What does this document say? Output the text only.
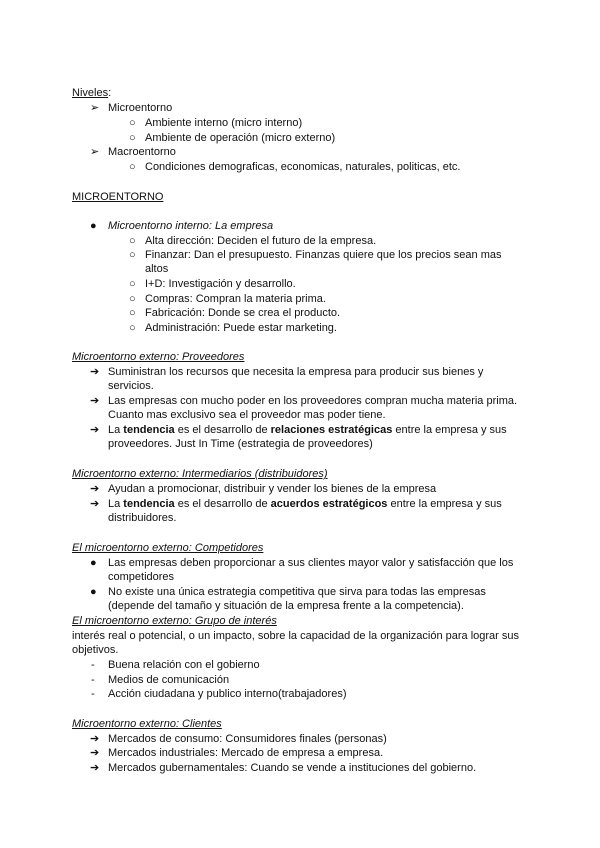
Niveles:
➢ Microentorno
○ Ambiente interno (micro interno)
○ Ambiente de operación (micro externo)
➢ Macroentorno
○ Condiciones demograficas, economicas, naturales, politicas, etc.
MICROENTORNO
● Microentorno interno: La empresa
○ Alta dirección: Deciden el futuro de la empresa.
○ Finanzar: Dan el presupuesto. Finanzas quiere que los precios sean mas
altos
○ I+D: Investigación y desarrollo.
○ Compras: Compran la materia prima.
○ Fabricación: Donde se crea el producto.
○ Administración: Puede estar marketing.
Microentorno externo: Proveedores
➔ Suministran los recursos que necesita la empresa para producir sus bienes y
servicios.
➔ Las empresas con mucho poder en los proveedores compran mucha materia prima.
Cuanto mas exclusivo sea el proveedor mas poder tiene.
➔ La tendencia es el desarrollo de relaciones estratégicas entre la empresa y sus
proveedores. Just In Time (estrategia de proveedores)
Microentorno externo: Intermediarios (distribuidores)
➔ Ayudan a promocionar, distribuir y vender los bienes de la empresa
➔ La tendencia es el desarrollo de acuerdos estratégicos entre la empresa y sus
distribuidores.
El microentorno externo: Competidores
● Las empresas deben proporcionar a sus clientes mayor valor y satisfacción que los
competidores
● No existe una única estrategia competitiva que sirva para todas las empresas
(depende del tamaño y situación de la empresa frente a la competencia).
El microentorno externo: Grupo de interés
interés real o potencial, o un impacto, sobre la capacidad de la organización para lograr sus
objetivos.
- Buena relación con el gobierno
- Medios de comunicación
- Acción ciudadana y publico interno(trabajadores)
Microentorno externo: Clientes
➔ Mercados de consumo: Consumidores finales (personas)
➔ Mercados industriales: Mercado de empresa a empresa.
➔ Mercados gubernamentales: Cuando se vende a instituciones del gobierno.
